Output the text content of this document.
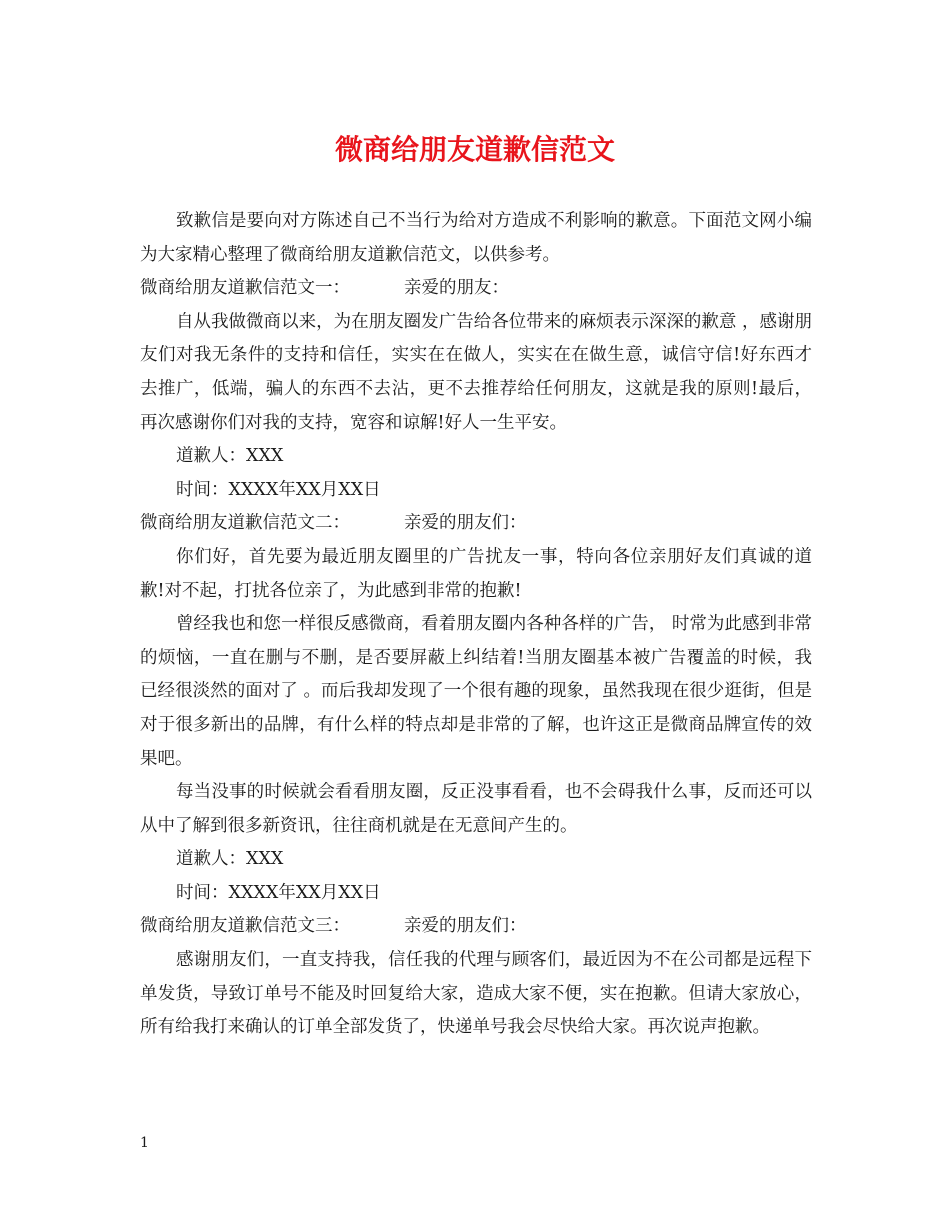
微商给朋友道歉信范文

致歉信是要向对方陈述自己不当行为给对方造成不利影响的歉意。下面范文网小编为大家精心整理了微商给朋友道歉信范文，以供参考。

微商给朋友道歉信范文一：	亲爱的朋友：

自从我做微商以来，为在朋友圈发广告给各位带来的麻烦表示深深的歉意 ，感谢朋友们对我无条件的支持和信任，实实在在做人，实实在在做生意，诚信守信!好东西才去推广，低端，骗人的东西不去沾，更不去推荐给任何朋友，这就是我的原则!最后，再次感谢你们对我的支持，宽容和谅解!好人一生平安。

道歉人：XXX

时间：XXXX年XX月XX日

微商给朋友道歉信范文二：	亲爱的朋友们：

你们好，首先要为最近朋友圈里的广告扰友一事，特向各位亲朋好友们真诚的道歉!对不起，打扰各位亲了，为此感到非常的抱歉!

曾经我也和您一样很反感微商，看着朋友圈内各种各样的广告， 时常为此感到非常的烦恼，一直在删与不删，是否要屏蔽上纠结着!当朋友圈基本被广告覆盖的时候，我已经很淡然的面对了 。而后我却发现了一个很有趣的现象，虽然我现在很少逛街，但是对于很多新出的品牌，有什么样的特点却是非常的了解，也许这正是微商品牌宣传的效果吧。

每当没事的时候就会看看朋友圈，反正没事看看，也不会碍我什么事，反而还可以从中了解到很多新资讯，往往商机就是在无意间产生的。

道歉人：XXX

时间：XXXX年XX月XX日

微商给朋友道歉信范文三：	亲爱的朋友们：

感谢朋友们，一直支持我，信任我的代理与顾客们，最近因为不在公司都是远程下单发货，导致订单号不能及时回复给大家，造成大家不便，实在抱歉。但请大家放心，所有给我打来确认的订单全部发货了，快递单号我会尽快给大家。再次说声抱歉。

1
